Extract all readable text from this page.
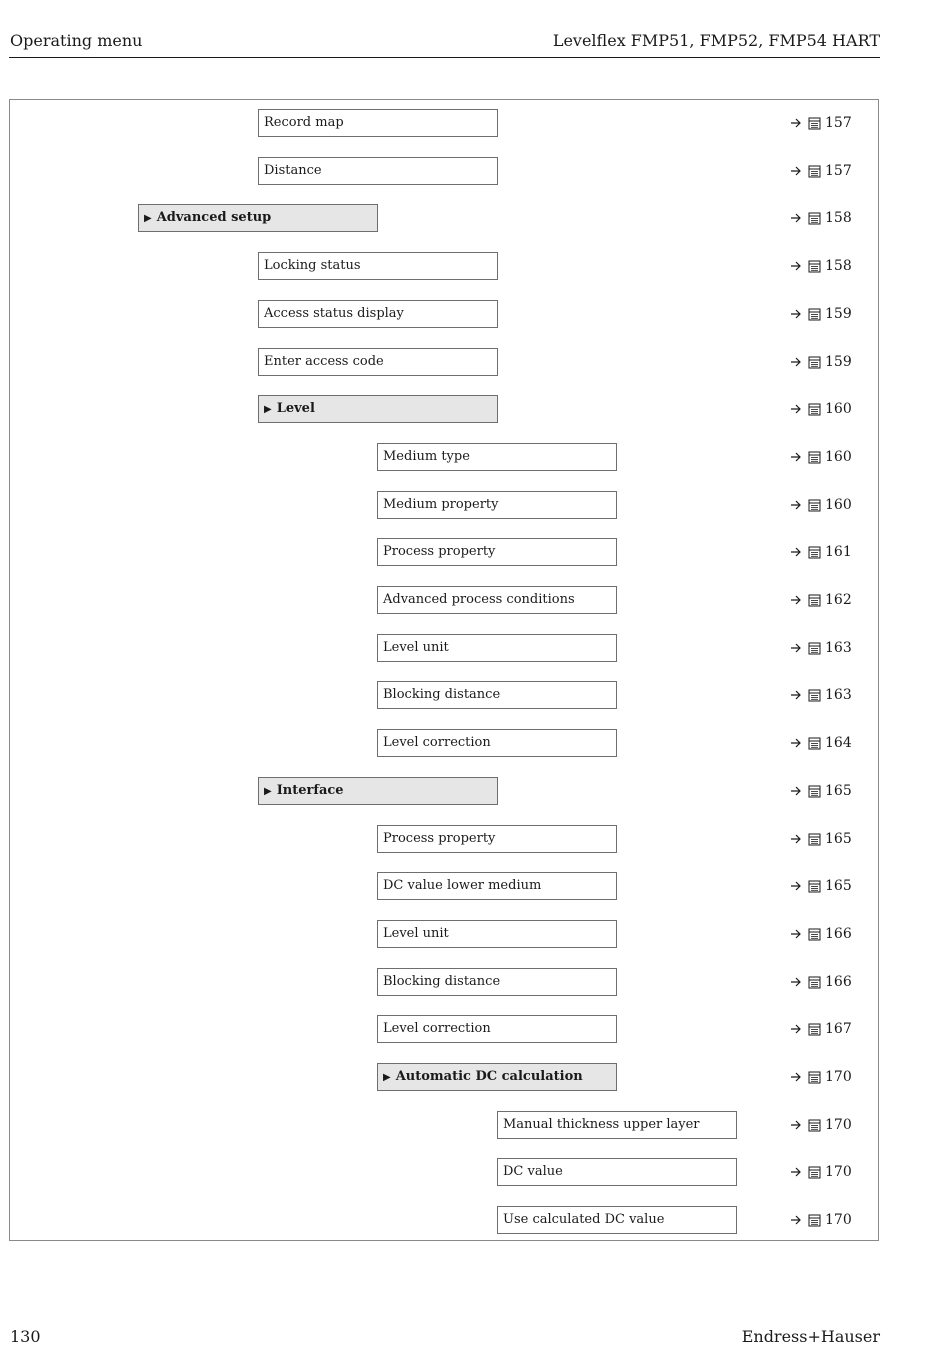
Operating menu	Levelflex FMP51, FMP52, FMP54 HART
Record map	157
Distance	157
▶ Advanced setup	158
Locking status	158
Access status display	159
Enter access code	159
▶ Level	160
Medium type	160
Medium property	160
Process property	161
Advanced process conditions	162
Level unit	163
Blocking distance	163
Level correction	164
▶ Interface	165
Process property	165
DC value lower medium	165
Level unit	166
Blocking distance	166
Level correction	167
▶ Automatic DC calculation	170
Manual thickness upper layer	170
DC value	170
Use calculated DC value	170
130	Endress+Hauser
